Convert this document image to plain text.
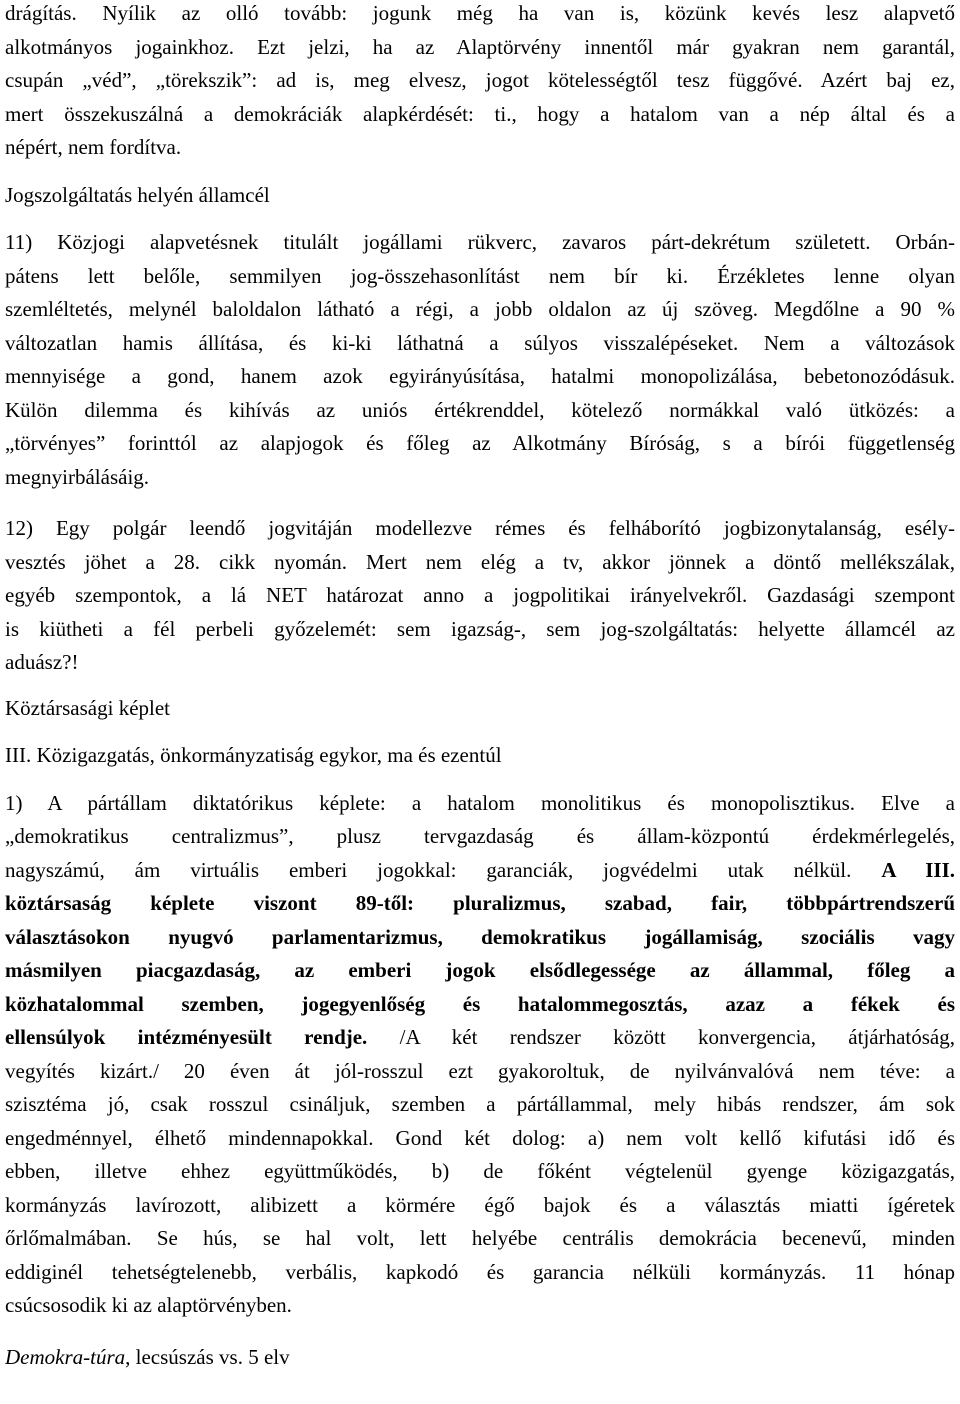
drágítás. Nyílik az olló tovább: jogunk még ha van is, közünk kevés lesz alapvető
alkotmányos jogainkhoz. Ezt jelzi, ha az Alaptörvény innentől már gyakran nem garantál,
csupán „véd”, „törekszik”: ad is, meg elvesz, jogot kötelességtől tesz függővé. Azért baj ez,
mert összekuszálná a demokráciák alapkérdését: ti., hogy a hatalom van a nép által és a
népért, nem fordítva.
Jogszolgáltatás helyén államcél
11) Közjogi alapvetésnek titulált jogállami rükverc, zavaros párt-dekrétum született. Orbán-
pátens lett belőle, semmilyen jog-összehasonlítást nem bír ki. Érzékletes lenne olyan
szemléltetés, melynél baloldalon látható a régi, a jobb oldalon az új szöveg. Megdőlne a 90 %
változatlan hamis állítása, és ki-ki láthatná a súlyos visszalépéseket. Nem a változások
mennyisége a gond, hanem azok egyirányúsítása, hatalmi monopolizálása, bebetonozódásuk.
Külön dilemma és kihívás az uniós értékrenddel, kötelező normákkal való ütközés: a
„törvényes” forinttól az alapjogok és főleg az Alkotmány Bíróság, s a bírói függetlenség
megnyirbálásáig.
12) Egy polgár leendő jogvitáján modellezve rémes és felháborító jogbizonytalanság, esély-
vesztés jöhet a 28. cikk nyomán. Mert nem elég a tv, akkor jönnek a döntő mellékszálak,
egyéb szempontok, a lá NET határozat anno a jogpolitikai irányelvekről. Gazdasági szempont
is kiütheti a fél perbeli győzelemét: sem igazság-, sem jog-szolgáltatás: helyette államcél az
aduász?!
Köztársasági képlet
III. Közigazgatás, önkormányzatiság egykor, ma és ezentúl
1) A pártállam diktatórikus képlete: a hatalom monolitikus és monopolisztikus. Elve a
„demokratikus centralizmus”, plusz tervgazdaság és állam-központú érdekmérlegelés,
nagyszámú, ám virtuális emberi jogokkal: garanciák, jogvédelmi utak nélkül. A III.
köztársaság képlete viszont 89-től: pluralizmus, szabad, fair, többpártrendszerű
választásokon nyugvó parlamentarizmus, demokratikus jogállamiság, szociális vagy
másmilyen piacgazdaság, az emberi jogok elsődlegessége az állammal, főleg a
közhatalommal szemben, jogegyenlőség és hatalommegosztás, azaz a fékek és
ellensúlyok intézményesült rendje. /A két rendszer között konvergencia, átjárhatóság,
vegyítés kizárt./ 20 éven át jól-rosszul ezt gyakoroltuk, de nyilvánvalóvá nem téve: a
szisztéma jó, csak rosszul csináljuk, szemben a pártállammal, mely hibás rendszer, ám sok
engedménnyel, élhető mindennapokkal. Gond két dolog: a) nem volt kellő kifutási idő és
ebben, illetve ehhez együttműködés, b) de főként végtelenül gyenge közigazgatás,
kormányzás lavírozott, alibizett a körmére égő bajok és a választás miatti ígéretek
őrlőmalmában. Se hús, se hal volt, lett helyébe centrális demokrácia becenevű, minden
eddiginél tehetségtelenebb, verbális, kapkodó és garancia nélküli kormányzás. 11 hónap
csúcsosodik ki az alaptörvényben.
Demokra-túra, lecsúszás vs. 5 elv
